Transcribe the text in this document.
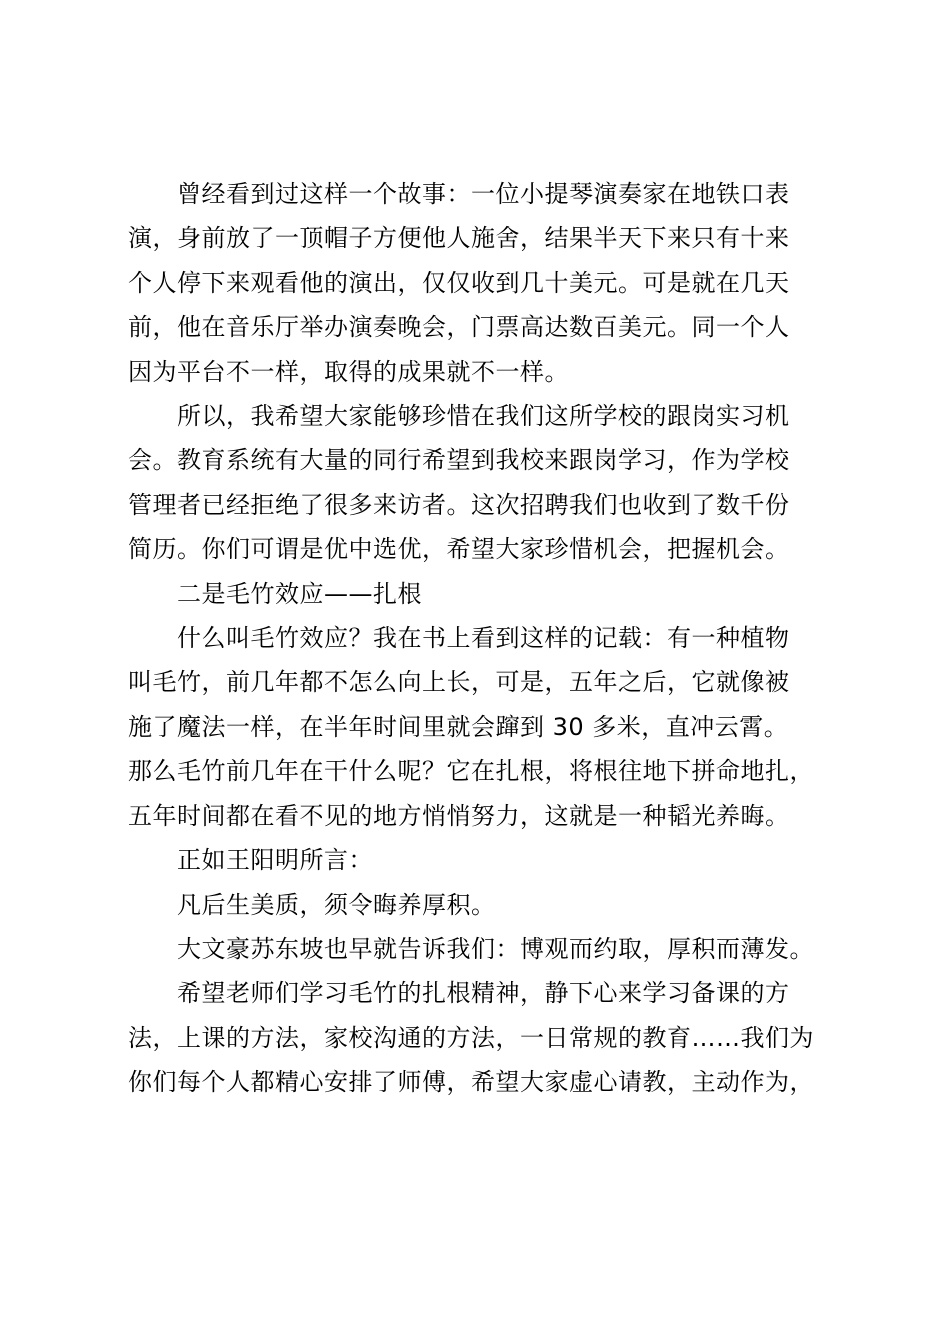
曾经看到过这样一个故事：一位小提琴演奏家在地铁口表
演，身前放了一顶帽子方便他人施舍，结果半天下来只有十来
个人停下来观看他的演出，仅仅收到几十美元。可是就在几天
前，他在音乐厅举办演奏晚会，门票高达数百美元。同一个人
因为平台不一样，取得的成果就不一样。

所以，我希望大家能够珍惜在我们这所学校的跟岗实习机
会。教育系统有大量的同行希望到我校来跟岗学习，作为学校
管理者已经拒绝了很多来访者。这次招聘我们也收到了数千份
简历。你们可谓是优中选优，希望大家珍惜机会，把握机会。

二是毛竹效应——扎根

什么叫毛竹效应？我在书上看到这样的记载：有一种植物
叫毛竹，前几年都不怎么向上长，可是，五年之后，它就像被
施了魔法一样，在半年时间里就会蹿到 30 多米，直冲云霄。
那么毛竹前几年在干什么呢？它在扎根，将根往地下拼命地扎，
五年时间都在看不见的地方悄悄努力，这就是一种韬光养晦。

正如王阳明所言：

凡后生美质，须令晦养厚积。

大文豪苏东坡也早就告诉我们：博观而约取，厚积而薄发。

希望老师们学习毛竹的扎根精神，静下心来学习备课的方
法，上课的方法，家校沟通的方法，一日常规的教育……我们为
你们每个人都精心安排了师傅，希望大家虚心请教，主动作为，
